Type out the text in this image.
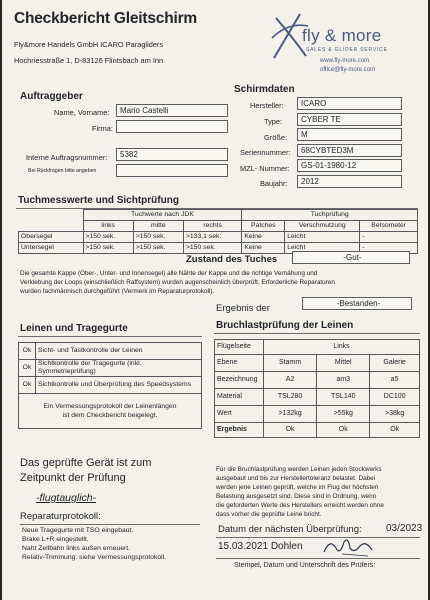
Checkbericht Gleitschirm
Fly&more Handels GmbH ICARO Paragliders
Hochriesstraße 1, D-83126 Flintsbach am Inn
fly & more
SALES & GLIDER SERVICE
www.fly-more.com
office@fly-more.com
Auftraggeber
Name, Vorname:	Mario Castelli
Firma:
Interne Auftragsnummer:	5382
Bei Rückfragen bitte angeben
Schirmdaten
Hersteller:	ICARO
Type:	CYBER TE
Größe:	M
Seriennummer:	68CYBTED3M
MZL- Nummer:	GS-01-1980-12
Baujahr:	2012
Tuchmesswerte und Sichtprüfung
	Tuchwerte nach JDK			Tuchprüfung		
	links	mitte	rechts	Patches	Verschmutzung	Betsometer
Obersegel	>150 sek.	>150 sek.	>133,1 sek.	Keine	Leicht	-
Untersegel	>150 sek.	>150 sek.	>150 sek.	Keine	Leicht	-
Zustand des Tuches	-Gut-
Die gesamte Kappe (Ober-, Unter- und Innensegel) alle Nähte der Kappe und die richtige Vernähung und
Verklebung der Loops (einschließlich Raffsystem) wurden augenscheinlich überprüft. Erforderliche Reparaturen
wurden fachmännisch durchgeführt (Vermerk im Reparaturprotokoll).
Ergebnis der	-Bestanden-
Leinen und Tragegurte
Ok	Sicht- und Tastkontrolle der Leinen
Ok	Sichtkontrolle der Tragegurte (inkl. Symmetrieprüfung)
Ok	Sichtkontrolle und Überprüfung des Speedsystems
Ein Vermessungsprotokoll der Leinenlängen ist dem Checkbericht beigelegt.	
Bruchlastprüfung der Leinen
Flügelseite	Links		
Ebene	Stamm	Mittel	Galerie
Bezeichnung	A2	am3	a5
Material	TSL280	TSL140	DC100
Wert	>132kg	>55kg	>38kg
Ergebnis	Ok	Ok	Ok
Für die Bruchlastprüfung werden Leinen jeden Stockwerks
ausgebaut und bis zur Herstellertoleranz belastet. Dabei
werden jene Leinen geprüft, welche im Flug der höchsten
Belastung ausgesetzt sind. Diese sind in Ordnung, wenn
die geforderten Werte des Herstellers erreicht werden ohne
dass vorher die geprüfte Leine bricht.
Das geprüfte Gerät ist zum
Zeitpunkt der Prüfung
-flugtauglich-
Reparaturprotokoll:
Neue Tragegurte mit TSO eingebaut.
Brake L+R eingestellt.
Naht Zellbahn links außen erneuert.
Relativ-Trimmung: siehe Vermessungsprotokoll.
Datum der nächsten Überprüfung: 03/2023
15.03.2021 Dohlen
Stempel, Datum und Unterschrift des Prüfers:
